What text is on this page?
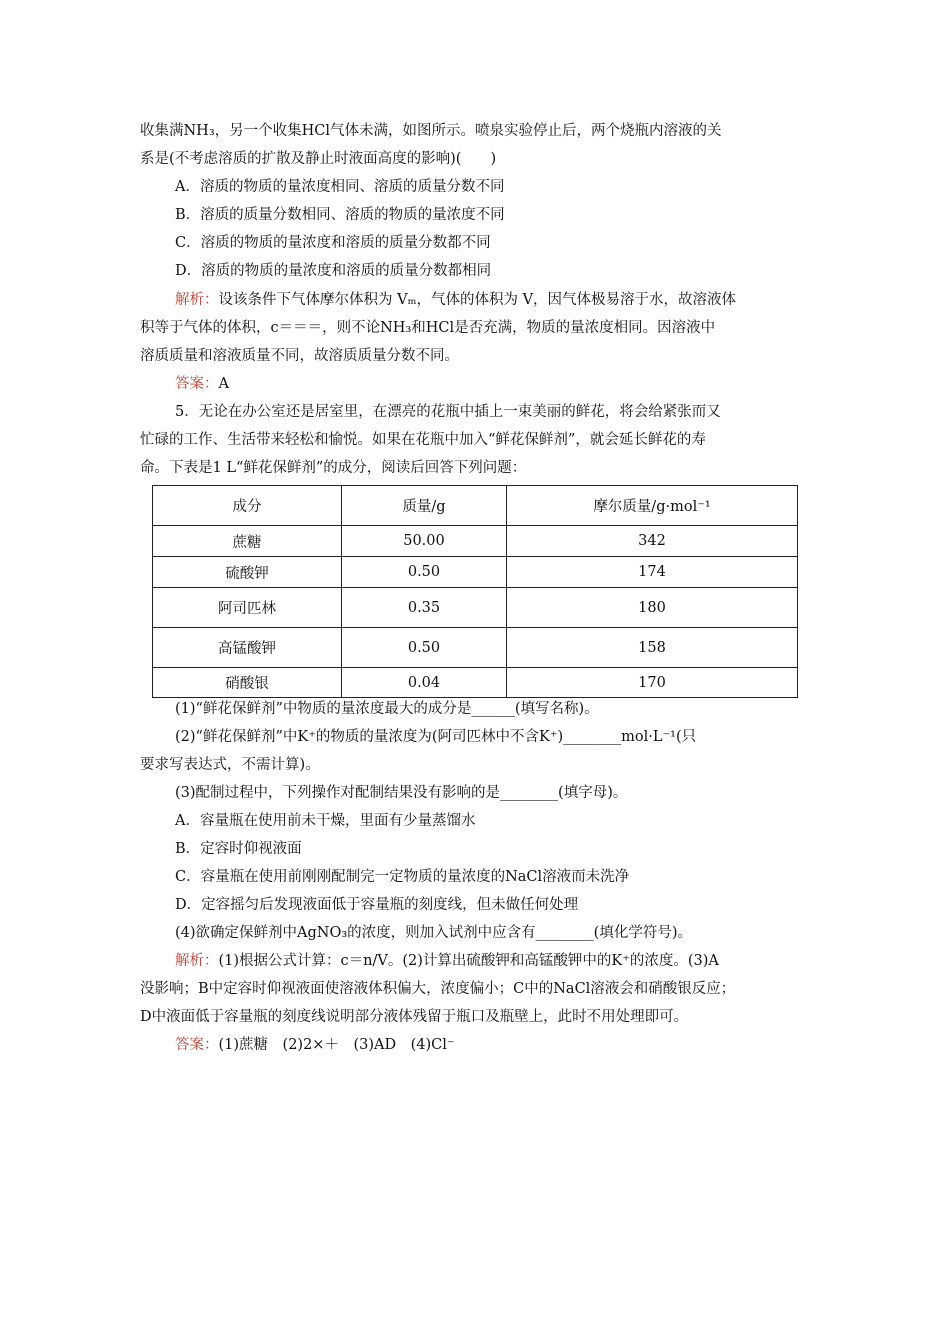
收集满NH₃，另一个收集HCl气体未满，如图所示。喷泉实验停止后，两个烧瓶内溶液的关
系是(不考虑溶质的扩散及静止时液面高度的影响)(　　)
A．溶质的物质的量浓度相同、溶质的质量分数不同
B．溶质的质量分数相同、溶质的物质的量浓度不同
C．溶质的物质的量浓度和溶质的质量分数都不同
D．溶质的物质的量浓度和溶质的质量分数都相同
解析：设该条件下气体摩尔体积为 Vₘ，气体的体积为 V，因气体极易溶于水，故溶液体
积等于气体的体积，c＝＝＝，则不论NH₃和HCl是否充满，物质的量浓度相同。因溶液中
溶质质量和溶液质量不同，故溶质质量分数不同。
答案：A
5．无论在办公室还是居室里，在漂亮的花瓶中插上一束美丽的鲜花，将会给紧张而又
忙碌的工作、生活带来轻松和愉悦。如果在花瓶中加入“鲜花保鲜剂”，就会延长鲜花的寿
命。下表是1 L“鲜花保鲜剂”的成分，阅读后回答下列问题：
成分	质量/g	摩尔质量/g·mol⁻¹
蔗糖	50.00	342
硫酸钾	0.50	174
阿司匹林	0.35	180
高锰酸钾	0.50	158
硝酸银	0.04	170
(1)“鲜花保鲜剂”中物质的量浓度最大的成分是______(填写名称)。
(2)“鲜花保鲜剂”中K⁺的物质的量浓度为(阿司匹林中不含K⁺)________mol·L⁻¹(只
要求写表达式，不需计算)。
(3)配制过程中，下列操作对配制结果没有影响的是________(填字母)。
A．容量瓶在使用前未干燥，里面有少量蒸馏水
B．定容时仰视液面
C．容量瓶在使用前刚刚配制完一定物质的量浓度的NaCl溶液而未洗净
D．定容摇匀后发现液面低于容量瓶的刻度线，但未做任何处理
(4)欲确定保鲜剂中AgNO₃的浓度，则加入试剂中应含有________(填化学符号)。
解析：(1)根据公式计算：c＝n/V。(2)计算出硫酸钾和高锰酸钾中的K⁺的浓度。(3)A
没影响；B中定容时仰视液面使溶液体积偏大，浓度偏小；C中的NaCl溶液会和硝酸银反应；
D中液面低于容量瓶的刻度线说明部分液体残留于瓶口及瓶壁上，此时不用处理即可。
答案：(1)蔗糖　(2)2×＋　(3)AD　(4)Cl⁻
